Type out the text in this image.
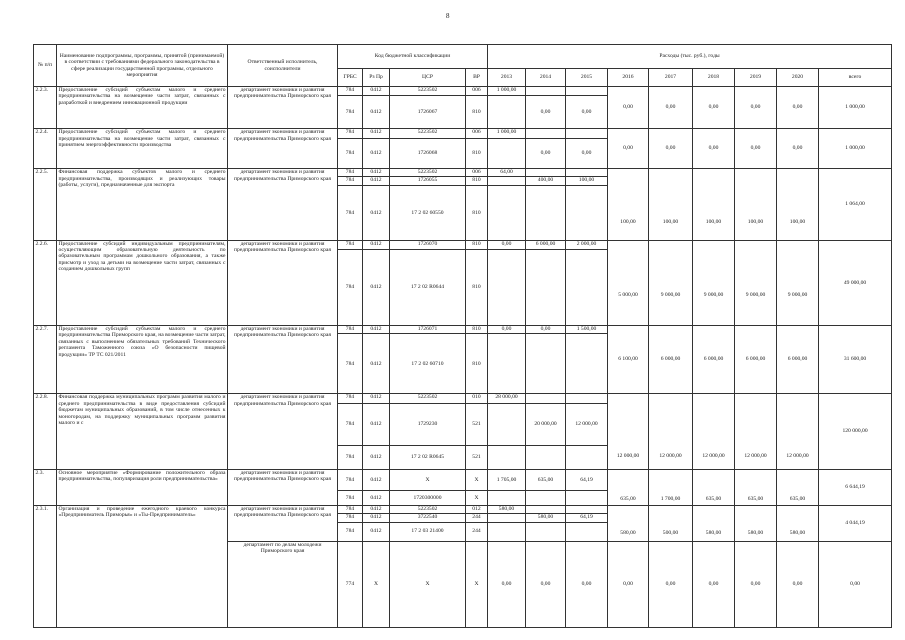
8
№ п/п	Наименование подпрограммы, программы, принятой (принимаемой) в соответствии с требованиями федерального законодательства в сфере реализации государственной программы, отдельного мероприятия	Ответственный исполнитель, соисполнители	Код бюджетной классификации				Расходы (тыс. руб.), годы								
			ГРБС	Рз Пр	ЦСР	ВР	2013	2014	2015	2016	2017	2018	2019	2020	всего
2.2.3.	Предоставление субсидий субъектам малого и среднего предпринимательства на возмещение части затрат, связанных с разработкой и внедрением инновационной продукции	департамент экономики и развития предпринимательства Приморского края	784	0412	5223502	006	1 000,00			0,00	0,00	0,00	0,00	0,00	1 000,00
			784	0412	1726067	810		0,00	0,00						
2.2.4.	Предоставление субсидий субъектам малого и среднего предпринимательства на возмещение части затрат, связанных с принятием энергоэффективности производства	департамент экономики и развития предпринимательства Приморского края	784	0412	5223502	006	1 000,00			0,00	0,00	0,00	0,00	0,00	1 000,00
			784	0412	1726068	810		0,00	0,00						
2.2.5.	Финансовая поддержка субъектов малого и среднего предпринимательства, производящих и реализующих товары (работы, услуги), предназначенные для экспорта	департамент экономики и развития предпринимательства Приморского края	784	0412	5223502	006	64,00			100,00	100,00	100,00	100,00	100,00	1 064,00
			784	0412	1726055	810		400,00	100,00						
			784	0412	17 2 02 60550	810									
2.2.6.	Предоставление субсидий индивидуальным предпринимателям, осуществляющим образовательную деятельность по образовательным программам дошкольного образования, а также присмотр и уход за детьми на возмещение части затрат, связанных с созданием дошкольных групп	департамент экономики и развития предпринимательства Приморского края	784	0412	1726070	810	0,00	6 000,00	2 000,00	5 000,00	9 000,00	9 000,00	9 000,00	9 000,00	49 000,00
			784	0412	17 2 02 R0644	810									
2.2.7.	Предоставление субсидий субъектам малого и среднего предпринимательства Приморского края, на возмещение части затрат, связанных с выполнением обязательных требований Технического регламента Таможенного союза «О безопасности пищевой продукции» ТР ТС 021/2011	департамент экономики и развития предпринимательства Приморского края	784	0412	1726071	810	0,00	0,00	1 500,00	6 100,00	6 000,00	6 000,00	6 000,00	6 000,00	31 600,00
			784	0412	17 2 02 60710	810									
2.2.8.	Финансовая поддержка муниципальных программ развития малого и среднего предпринимательства в виде предоставления субсидий бюджетам муниципальных образований, в том числе отнесенных к моногородам, на поддержку муниципальных программ развития малого и с	департамент экономики и развития предпринимательства Приморского края	784	0412	5223502	010	28 000,00			12 000,00	12 000,00	12 000,00	12 000,00	12 000,00	120 000,00
			784	0412	1729230	521		20 000,00	12 000,00						
			784	0412	17 2 02 R0645	521									
2.3.	Основное мероприятие «Формирование положительного образа предпринимательства, популяризация роли предпринимательства»	департамент экономики и развития предпринимательства Приморского края	784	0412	X	X	1 705,00	635,00	64,19	635,00	1 700,00	635,00	635,00	635,00	6 644,19
			784	0412	1720300000	X									
2.3.1.	Организация и проведение ежегодного краевого конкурса «Предприниматель Приморья» и «Ты-Предприниматель»	департамент экономики и развития предпринимательства Приморского края	784	0412	5223502	012	580,00			580,00	500,00	580,00	580,00	580,00	4 044,19
			784	0412	3722540	244		580,00	64,19						
			784	0412	17 2 03 21400	244									
		департамент по делам молодежи Приморского края	774	X	X	X	0,00	0,00	0,00	0,00	0,00	0,00	0,00	0,00	0,00
